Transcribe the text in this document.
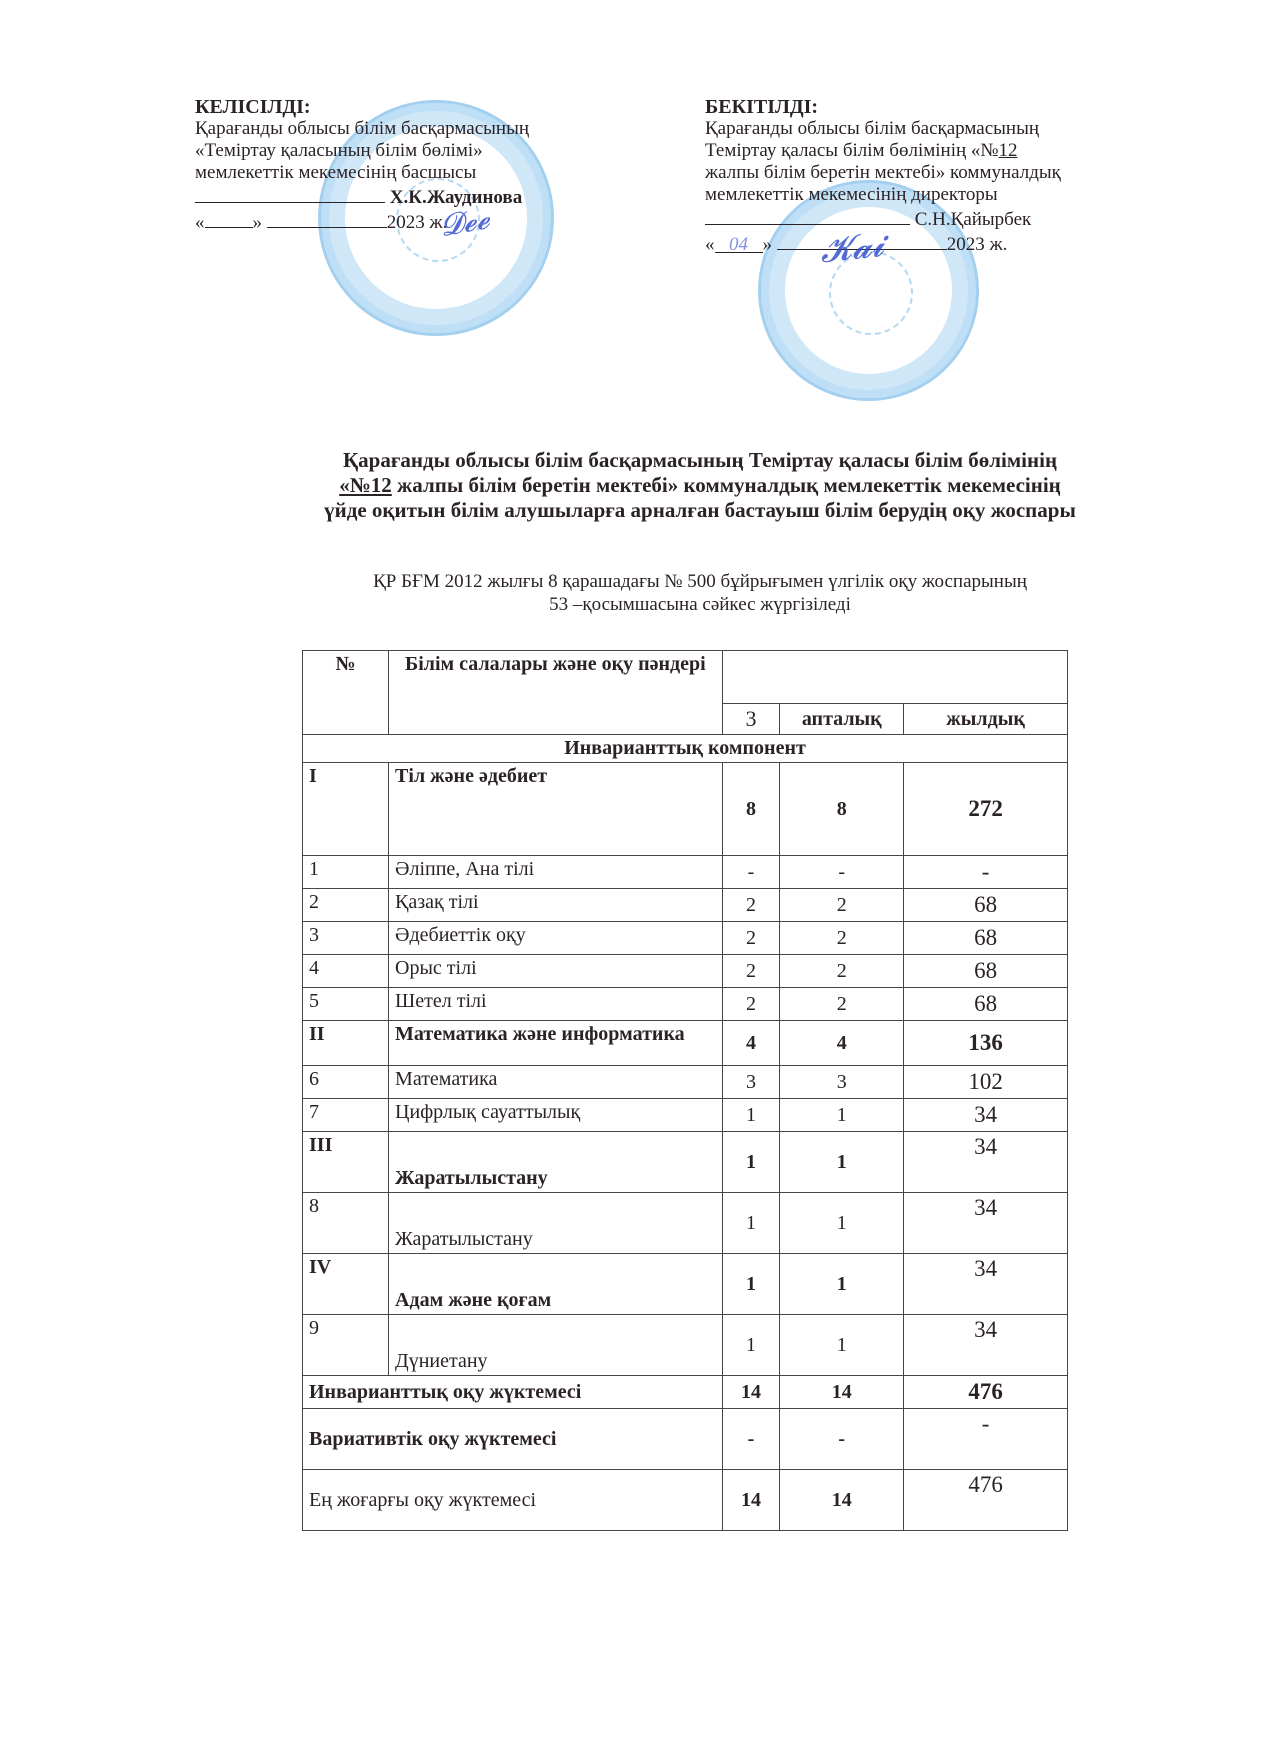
КЕЛІСІЛДІ:
Қарағанды облысы білім басқармасының
«Теміртау қаласының білім бөлімі»
мемлекеттік мекемесінің басшысы
Х.К.Жаудинова
«	»	2023 ж.
БЕКІТІЛДІ:
Қарағанды облысы білім басқармасының
Теміртау қаласы білім бөлімінің «№12
жалпы білім беретін мектебі» коммуналдық
мемлекеттік мекемесінің директоры
С.Н.Қайырбек
« 04 »	2023 ж.
𝓓𝓮𝓮
𝓚𝓪𝓲
Қарағанды облысы білім басқармасының Теміртау қаласы білім бөлімінің
«№12 жалпы білім беретін мектебі» коммуналдық мемлекеттік мекемесінің
үйде оқитын білім алушыларға арналған бастауыш білім берудің оқу жоспары
ҚР БҒМ 2012 жылғы 8 қарашадағы № 500 бұйрығымен үлгілік оқу жоспарының
53 –қосымшасына сәйкес жүргізіледі
№	Білім салалары және оқу пәндері			
		3	апталық	жылдық
Инварианттық компонент				
I	Тіл және әдебиет	8	8	272
1	Әліппе, Ана тілі	-	-	-
2	Қазақ тілі	2	2	68
3	Әдебиеттік оқу	2	2	68
4	Орыс тілі	2	2	68
5	Шетел тілі	2	2	68
II	Математика және информатика	4	4	136
6	Математика	3	3	102
7	Цифрлық сауаттылық	1	1	34
III	Жаратылыстану	1	1	34
8	Жаратылыстану	1	1	34
IV	Адам және қоғам	1	1	34
9	Дүниетану	1	1	34
Инварианттық оқу жүктемесі		14	14	476
Вариативтік оқу жүктемесі		-	-	-
Ең жоғарғы оқу жүктемесі		14	14	476
